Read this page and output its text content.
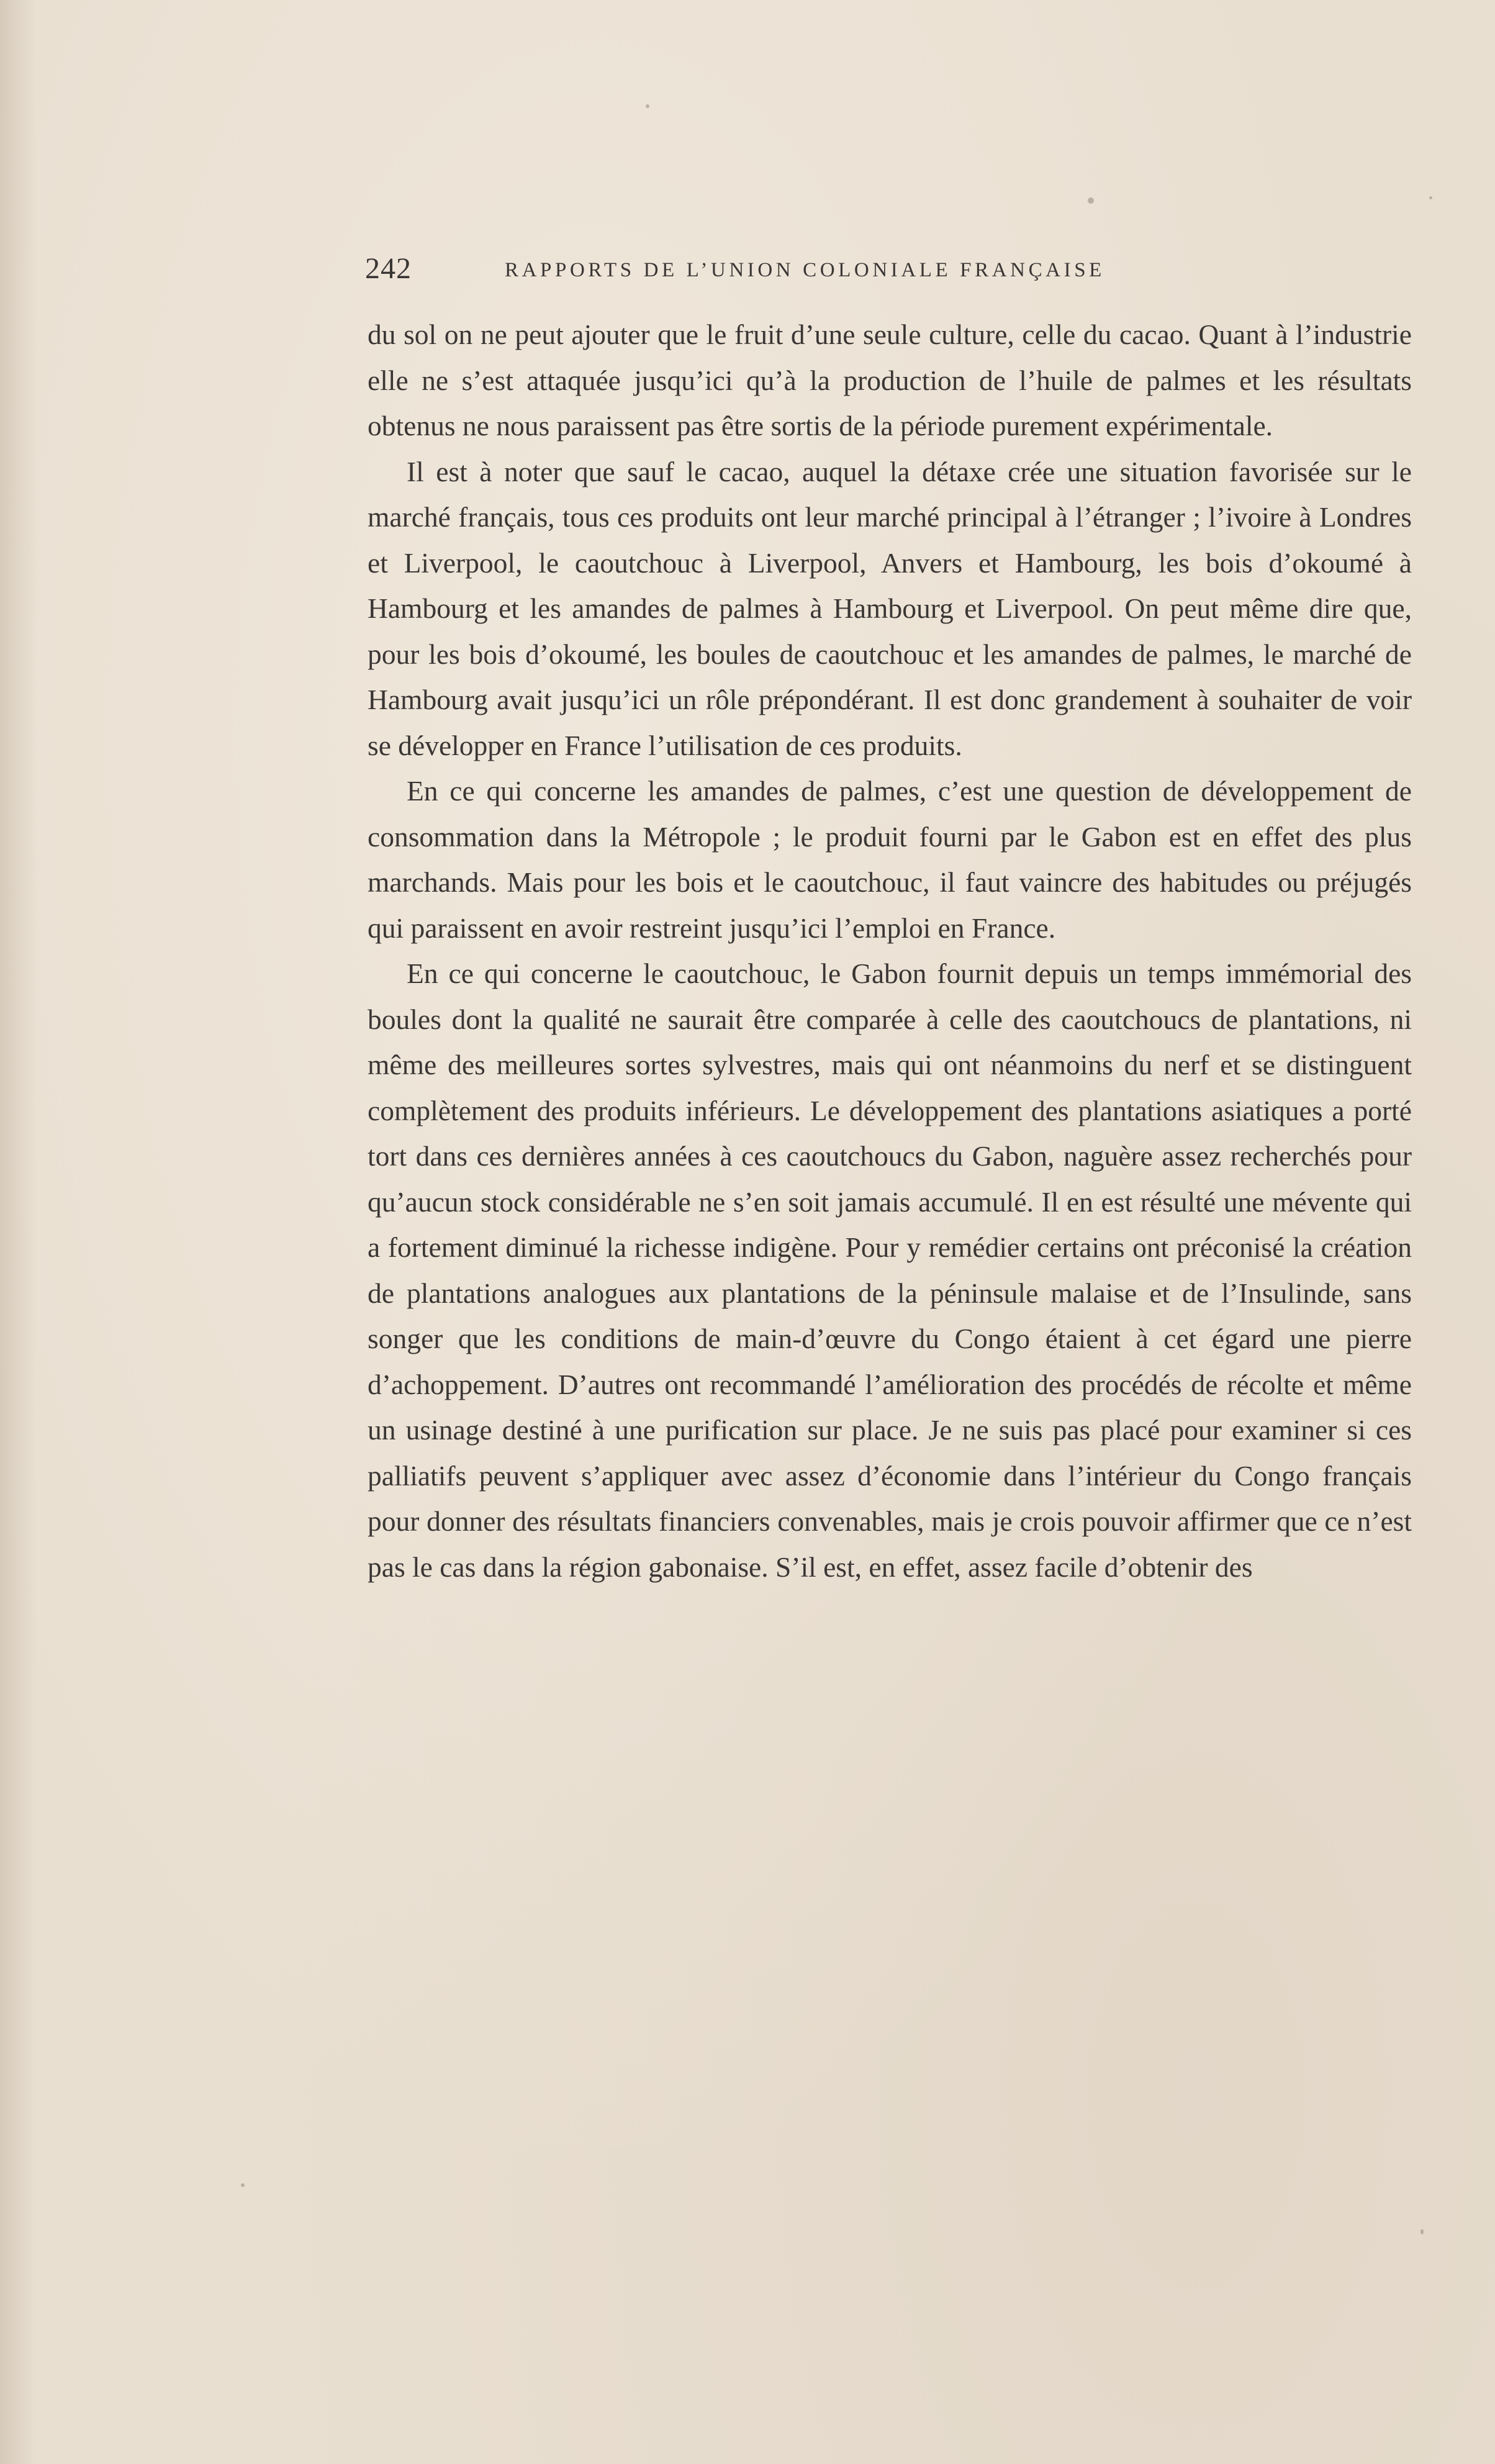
242	RAPPORTS DE L’UNION COLONIALE FRANÇAISE

du sol on ne peut ajouter que le fruit d’une seule culture, celle du cacao. Quant à l’industrie elle ne s’est attaquée jusqu’ici qu’à la production de l’huile de palmes et les résultats obtenus ne nous paraissent pas être sortis de la période purement expérimentale.

Il est à noter que sauf le cacao, auquel la détaxe crée une situation favorisée sur le marché français, tous ces produits ont leur marché principal à l’étranger ; l’ivoire à Londres et Liverpool, le caoutchouc à Liverpool, Anvers et Hambourg, les bois d’okoumé à Hambourg et les amandes de palmes à Hambourg et Liverpool. On peut même dire que, pour les bois d’okoumé, les boules de caoutchouc et les amandes de palmes, le marché de Hambourg avait jusqu’ici un rôle prépondérant. Il est donc grandement à souhaiter de voir se développer en France l’utilisation de ces produits.

En ce qui concerne les amandes de palmes, c’est une question de développement de consommation dans la Métropole ; le produit fourni par le Gabon est en effet des plus marchands. Mais pour les bois et le caoutchouc, il faut vaincre des habitudes ou préjugés qui paraissent en avoir restreint jusqu’ici l’emploi en France.

En ce qui concerne le caoutchouc, le Gabon fournit depuis un temps immémorial des boules dont la qualité ne saurait être comparée à celle des caoutchoucs de plantations, ni même des meilleures sortes sylvestres, mais qui ont néanmoins du nerf et se distinguent complètement des produits inférieurs. Le développement des plantations asiatiques a porté tort dans ces dernières années à ces caoutchoucs du Gabon, naguère assez recherchés pour qu’aucun stock considérable ne s’en soit jamais accumulé. Il en est résulté une mévente qui a fortement diminué la richesse indigène. Pour y remédier certains ont préconisé la création de plantations analogues aux plantations de la péninsule malaise et de l’Insulinde, sans songer que les conditions de main-d’œuvre du Congo étaient à cet égard une pierre d’achoppement. D’autres ont recommandé l’amélioration des procédés de récolte et même un usinage destiné à une purification sur place. Je ne suis pas placé pour examiner si ces palliatifs peuvent s’appliquer avec assez d’économie dans l’intérieur du Congo français pour donner des résultats financiers convenables, mais je crois pouvoir affirmer que ce n’est pas le cas dans la région gabonaise. S’il est, en effet, assez facile d’obtenir des
